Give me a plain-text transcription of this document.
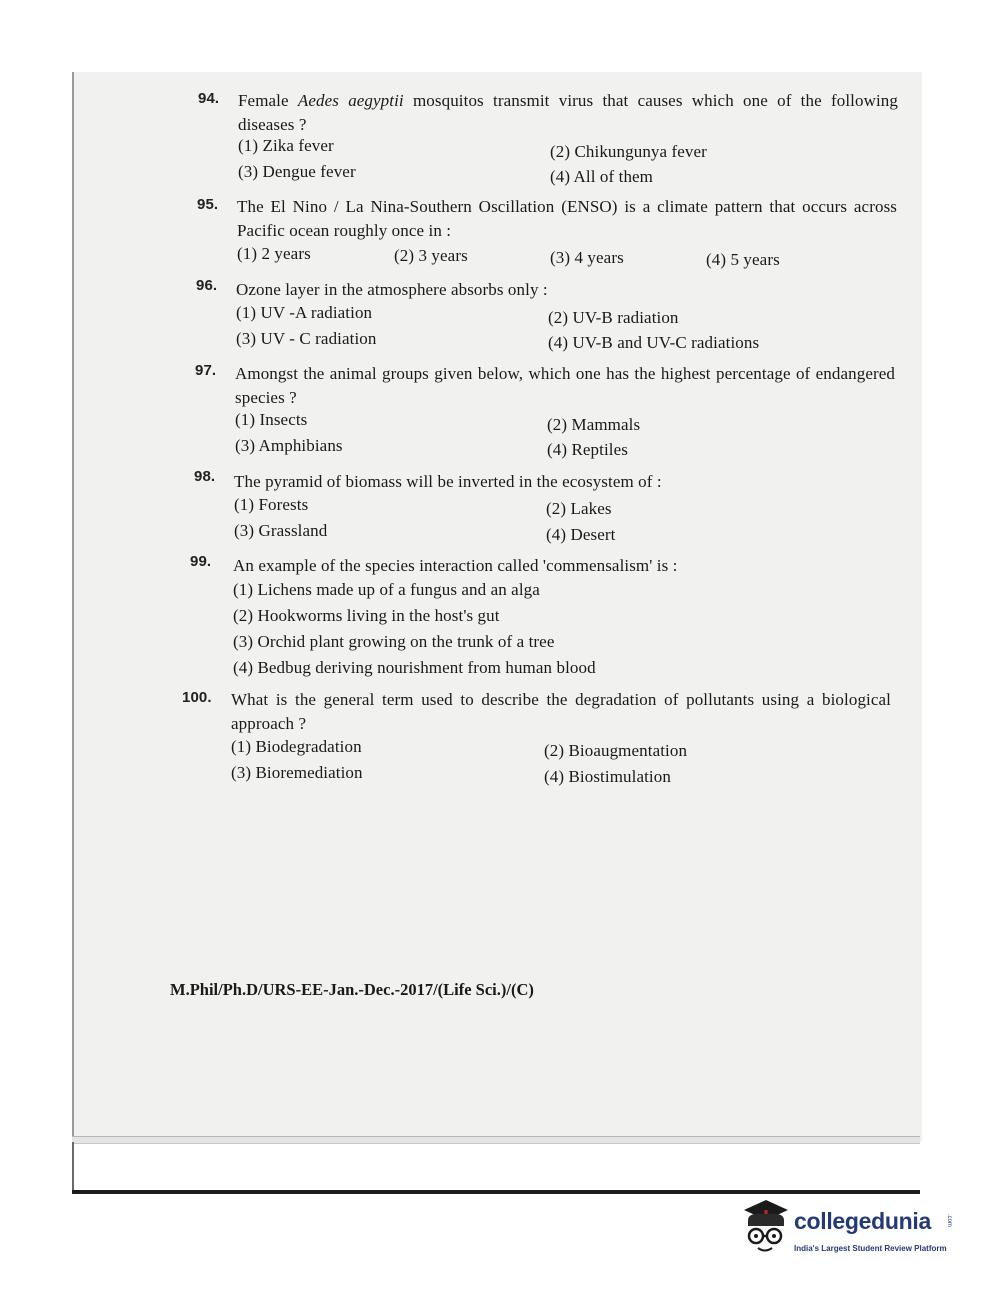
94. Female Aedes aegyptii mosquitos transmit virus that causes which one of the following diseases ?
(1) Zika fever	(2) Chikungunya fever
(3) Dengue fever	(4) All of them
95. The El Nino / La Nina-Southern Oscillation (ENSO) is a climate pattern that occurs across Pacific ocean roughly once in :
(1) 2 years	(2) 3 years	(3) 4 years	(4) 5 years
96. Ozone layer in the atmosphere absorbs only :
(1) UV -A radiation	(2) UV-B radiation
(3) UV - C radiation	(4) UV-B and UV-C radiations
97. Amongst the animal groups given below, which one has the highest percentage of endangered species ?
(1) Insects	(2) Mammals
(3) Amphibians	(4) Reptiles
98. The pyramid of biomass will be inverted in the ecosystem of :
(1) Forests	(2) Lakes
(3) Grassland	(4) Desert
99. An example of the species interaction called 'commensalism' is :
(1) Lichens made up of a fungus and an alga
(2) Hookworms living in the host's gut
(3) Orchid plant growing on the trunk of a tree
(4) Bedbug deriving nourishment from human blood
100. What is the general term used to describe the degradation of pollutants using a biological approach ?
(1) Biodegradation	(2) Bioaugmentation
(3) Bioremediation	(4) Biostimulation
M.Phil/Ph.D/URS-EE-Jan.-Dec.-2017/(Life Sci.)/(C)
collegedunia	.com
India's Largest Student Review Platform
